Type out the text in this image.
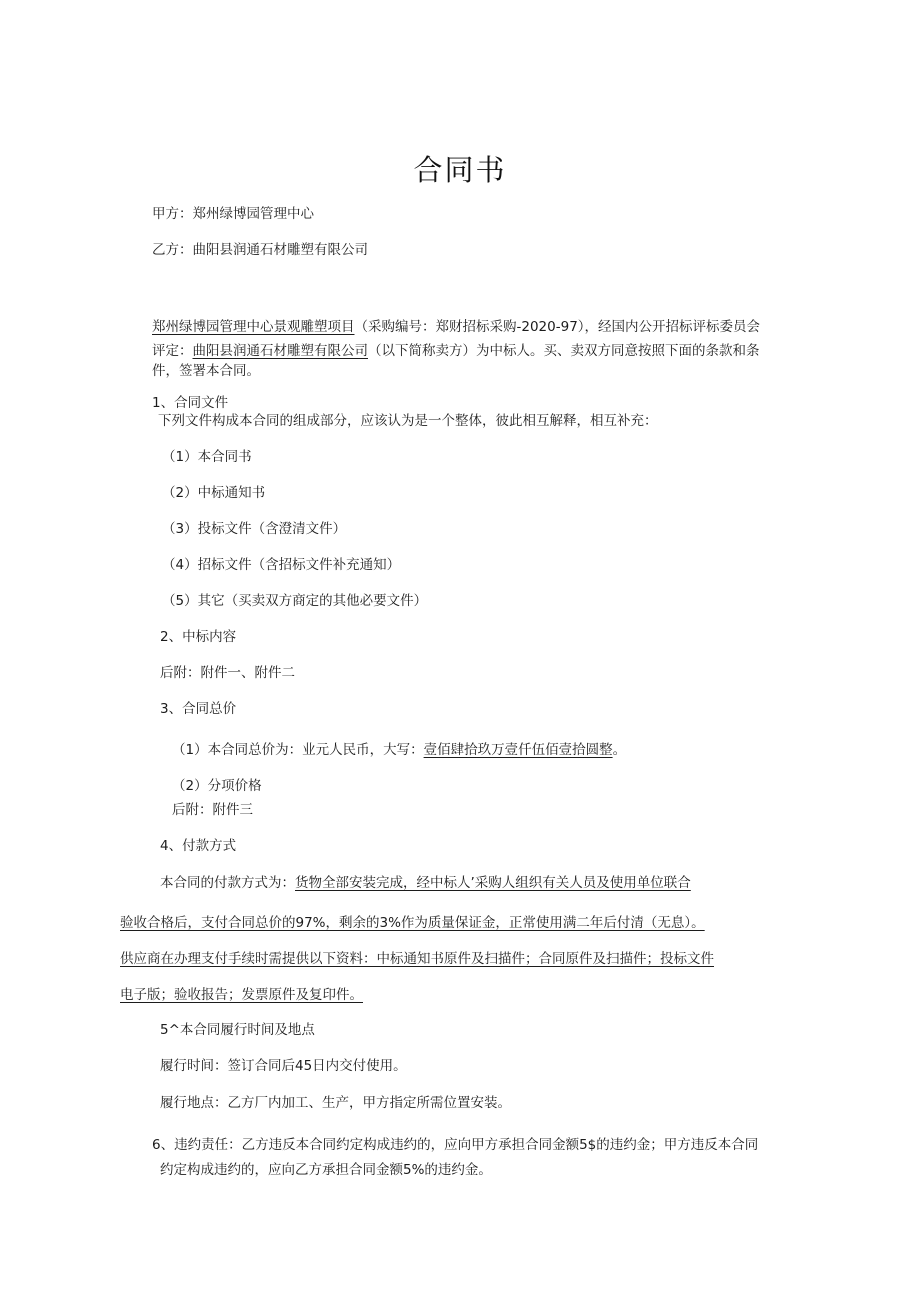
合同书
甲方：郑州绿博园管理中心
乙方：曲阳县润通石材雕塑有限公司
郑州绿博园管理中心景观雕塑项目（采购编号：郑财招标采购-2020-97），经国内公开招标评标委员会
评定：曲阳县润通石材雕塑有限公司（以下简称卖方）为中标人。买、卖双方同意按照下面的条款和条
件，签署本合同。
1、合同文件
下列文件构成本合同的组成部分，应该认为是一个整体，彼此相互解释，相互补充：
（1）本合同书
（2）中标通知书
（3）投标文件（含澄清文件）
（4）招标文件（含招标文件补充通知）
（5）其它（买卖双方商定的其他必要文件）
2、中标内容
后附：附件一、附件二
3、合同总价
（1）本合同总价为：业元人民币，大写：壹佰肆拾玖万壹仟伍佰壹拾圆整。
（2）分项价格
后附：附件三
4、付款方式
本合同的付款方式为：货物全部安装完成，经中标人’采购人组织有关人员及使用单位联合
验收合格后，支付合同总价的97%，剩余的3%作为质量保证金，正常使用满二年后付清（无息）。
供应商在办理支付手续时需提供以下资料：中标通知书原件及扫描件；合同原件及扫描件；投标文件
电子版；验收报告；发票原件及复印件。
5^本合同履行时间及地点
履行时间：签订合同后45日内交付使用。
履行地点：乙方厂内加工、生产，甲方指定所需位置安装。
6、违约责任：乙方违反本合同约定构成违约的，应向甲方承担合同金额5$的违约金；甲方违反本合同
约定构成违约的，应向乙方承担合同金额5%的违约金。
